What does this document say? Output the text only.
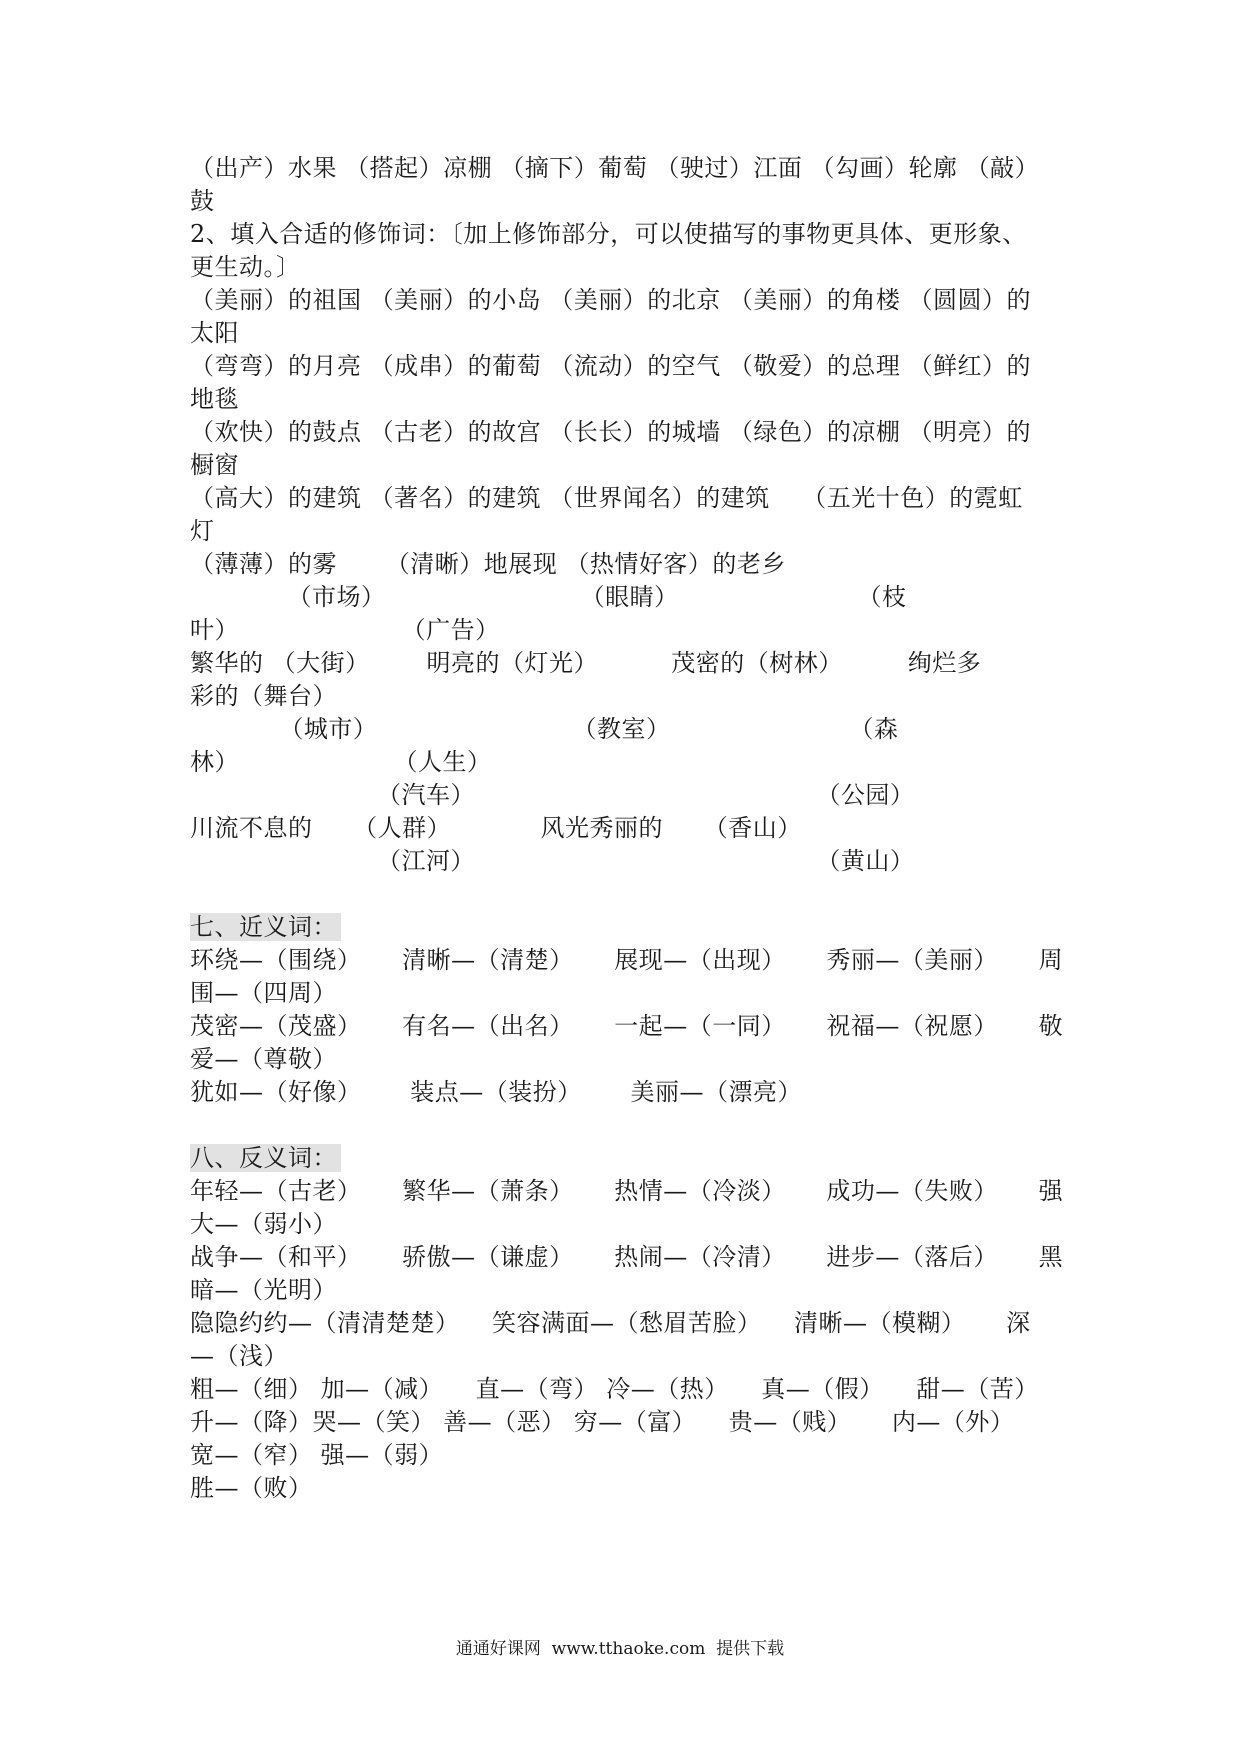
（出产）水果 （搭起）凉棚 （摘下）葡萄 （驶过）江面 （勾画）轮廓 （敲）
鼓
2、填入合适的修饰词：〔加上修饰部分，可以使描写的事物更具体、更形象、
更生动。〕
（美丽）的祖国 （美丽）的小岛 （美丽）的北京 （美丽）的角楼 （圆圆）的
太阳
（弯弯）的月亮 （成串）的葡萄 （流动）的空气 （敬爱）的总理 （鲜红）的
地毯
（欢快）的鼓点 （古老）的故宫 （长长）的城墙 （绿色）的凉棚 （明亮）的
橱窗
（高大）的建筑 （著名）的建筑 （世界闻名）的建筑    （五光十色）的霓虹
灯
（薄薄）的雾      （清晰）地展现 （热情好客）的老乡
（市场）                        （眼睛）                      （枝
叶）                    （广告）
繁华的 （大街）       明亮的（灯光）         茂密的（树林）        绚烂多
彩的（舞台）
（城市）                        （教室）                      （森
林）                   （人生）
（汽车）                                          （公园）
川流不息的     （人群）           风光秀丽的     （香山）
（江河）                                          （黄山）
七、近义词：
环绕—（围绕）     清晰—（清楚）     展现—（出现）     秀丽—（美丽）     周
围—（四周）
茂密—（茂盛）     有名—（出名）     一起—（一同）     祝福—（祝愿）     敬
爱—（尊敬）
犹如—（好像）      装点—（装扮）      美丽—（漂亮）
八、反义词：
年轻—（古老）     繁华—（萧条）     热情—（冷淡）     成功—（失败）     强
大—（弱小）
战争—（和平）     骄傲—（谦虚）     热闹—（冷清）     进步—（落后）     黑
暗—（光明）
隐隐约约—（清清楚楚）    笑容满面—（愁眉苦脸）    清晰—（模糊）     深
—（浅）
粗—（细） 加—（减）    直—（弯） 冷—（热）    真—（假）    甜—（苦）
升—（降）哭—（笑） 善—（恶） 穷—（富）    贵—（贱）     内—（外）
宽—（窄） 强—（弱）
胜—（败）
通通好课网  www.tthaoke.com  提供下载
